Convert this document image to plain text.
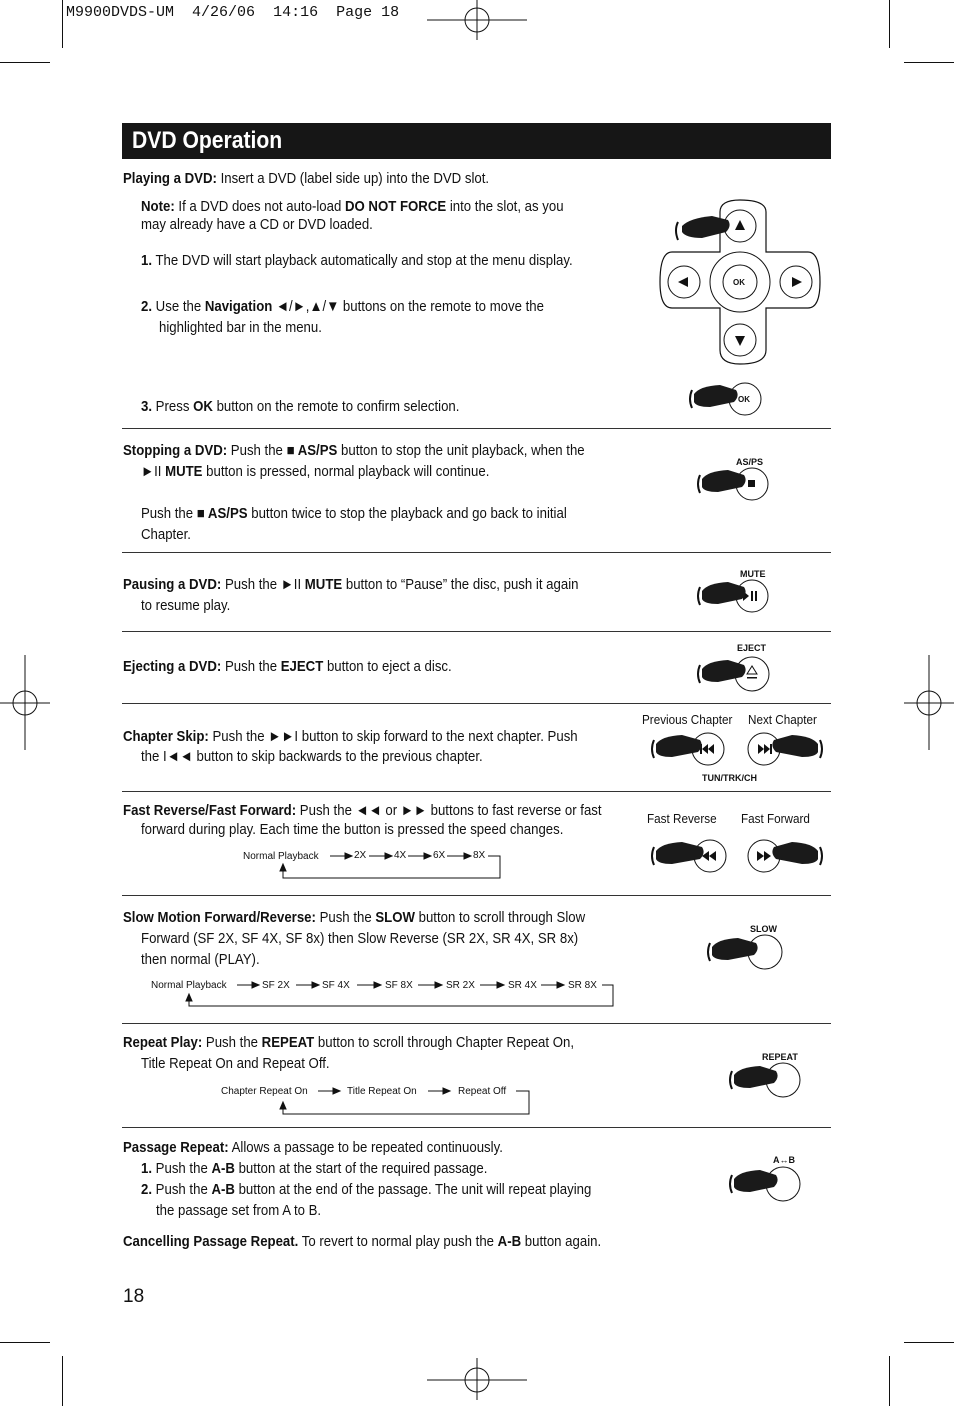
M9900DVDS-UM 4/26/06 14:16 Page 18
DVD Operation
Playing a DVD: Insert a DVD (label side up) into the DVD slot.
Note: If a DVD does not auto-load DO NOT FORCE into the slot, as you
may already have a CD or DVD loaded.
1. The DVD will start playback automatically and stop at the menu display.
2. Use the Navigation ◄/►,▲/▼ buttons on the remote to move the
highlighted bar in the menu.
3. Press OK button on the remote to confirm selection.
OK
OK
Stopping a DVD: Push the ■ AS/PS button to stop the unit playback, when the
►II MUTE button is pressed, normal playback will continue.
Push the ■ AS/PS button twice to stop the playback and go back to initial
Chapter.
AS/PS
Pausing a DVD: Push the ►II MUTE button to “Pause” the disc, push it again
to resume play.
MUTE
Ejecting a DVD: Push the EJECT button to eject a disc.
EJECT
Chapter Skip: Push the ►►I button to skip forward to the next chapter. Push
the I◄◄ button to skip backwards to the previous chapter.
Previous Chapter Next Chapter
TUN/TRK/CH
Fast Reverse/Fast Forward: Push the ◄◄ or ►► buttons to fast reverse or fast
forward during play. Each time the button is pressed the speed changes.
Fast Reverse Fast Forward
Normal Playback	2X	4X	6X	8X
Slow Motion Forward/Reverse: Push the SLOW button to scroll through Slow
Forward (SF 2X, SF 4X, SF 8x) then Slow Reverse (SR 2X, SR 4X, SR 8x)
then normal (PLAY).
SLOW
Normal Playback	SF 2X	SF 4X	SF 8X	SR 2X	SR 4X	SR 8X
Repeat Play: Push the REPEAT button to scroll through Chapter Repeat On,
Title Repeat On and Repeat Off.	REPEAT
Chapter Repeat On	Title Repeat On	Repeat Off
Passage Repeat: Allows a passage to be repeated continuously.
1. Push the A-B button at the start of the required passage.
2. Push the A-B button at the end of the passage. The unit will repeat playing
the passage set from A to B.
A↔B
Cancelling Passage Repeat. To revert to normal play push the A-B button again.
18
